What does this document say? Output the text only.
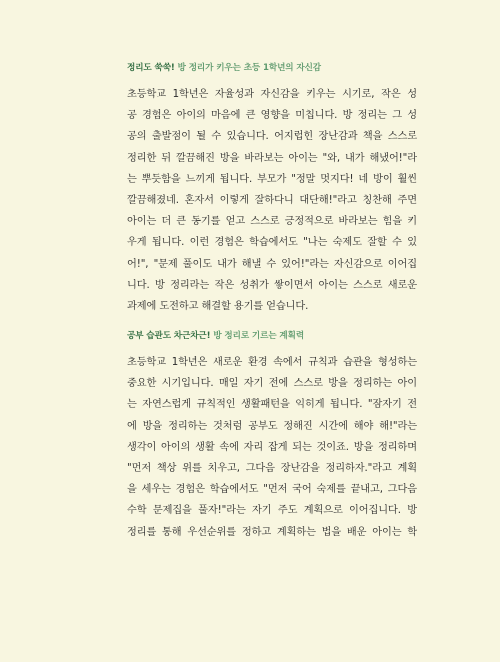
정리도 쑥쑥! 방 정리가 키우는 초등 1학년의 자신감
초등학교 1학년은 자율성과 자신감을 키우는 시기로, 작은 성
공 경험은 아이의 마음에 큰 영향을 미칩니다. 방 정리는 그 성
공의 출발점이 될 수 있습니다. 어지럽힌 장난감과 책을 스스로
정리한 뒤 깔끔해진 방을 바라보는 아이는 "와, 내가 해냈어!"라
는 뿌듯함을 느끼게 됩니다. 부모가 "정말 멋지다! 네 방이 훨씬
깔끔해졌네. 혼자서 이렇게 잘하다니 대단해!"라고 칭찬해 주면
아이는 더 큰 동기를 얻고 스스로 긍정적으로 바라보는 힘을 키
우게 됩니다. 이런 경험은 학습에서도 "나는 숙제도 잘할 수 있
어!", "문제 풀이도 내가 해낼 수 있어!"라는 자신감으로 이어집
니다. 방 정리라는 작은 성취가 쌓이면서 아이는 스스로 새로운
과제에 도전하고 해결할 용기를 얻습니다.
공부 습관도 차근차근! 방 정리로 기르는 계획력
초등학교 1학년은 새로운 환경 속에서 규칙과 습관을 형성하는
중요한 시기입니다. 매일 자기 전에 스스로 방을 정리하는 아이
는 자연스럽게 규칙적인 생활패턴을 익히게 됩니다. "잠자기 전
에 방을 정리하는 것처럼 공부도 정해진 시간에 해야 해!"라는
생각이 아이의 생활 속에 자리 잡게 되는 것이죠. 방을 정리하며
"먼저 책상 위를 치우고, 그다음 장난감을 정리하자."라고 계획
을 세우는 경험은 학습에서도 "먼저 국어 숙제를 끝내고, 그다음
수학 문제집을 풀자!"라는 자기 주도 계획으로 이어집니다. 방
정리를 통해 우선순위를 정하고 계획하는 법을 배운 아이는 학
